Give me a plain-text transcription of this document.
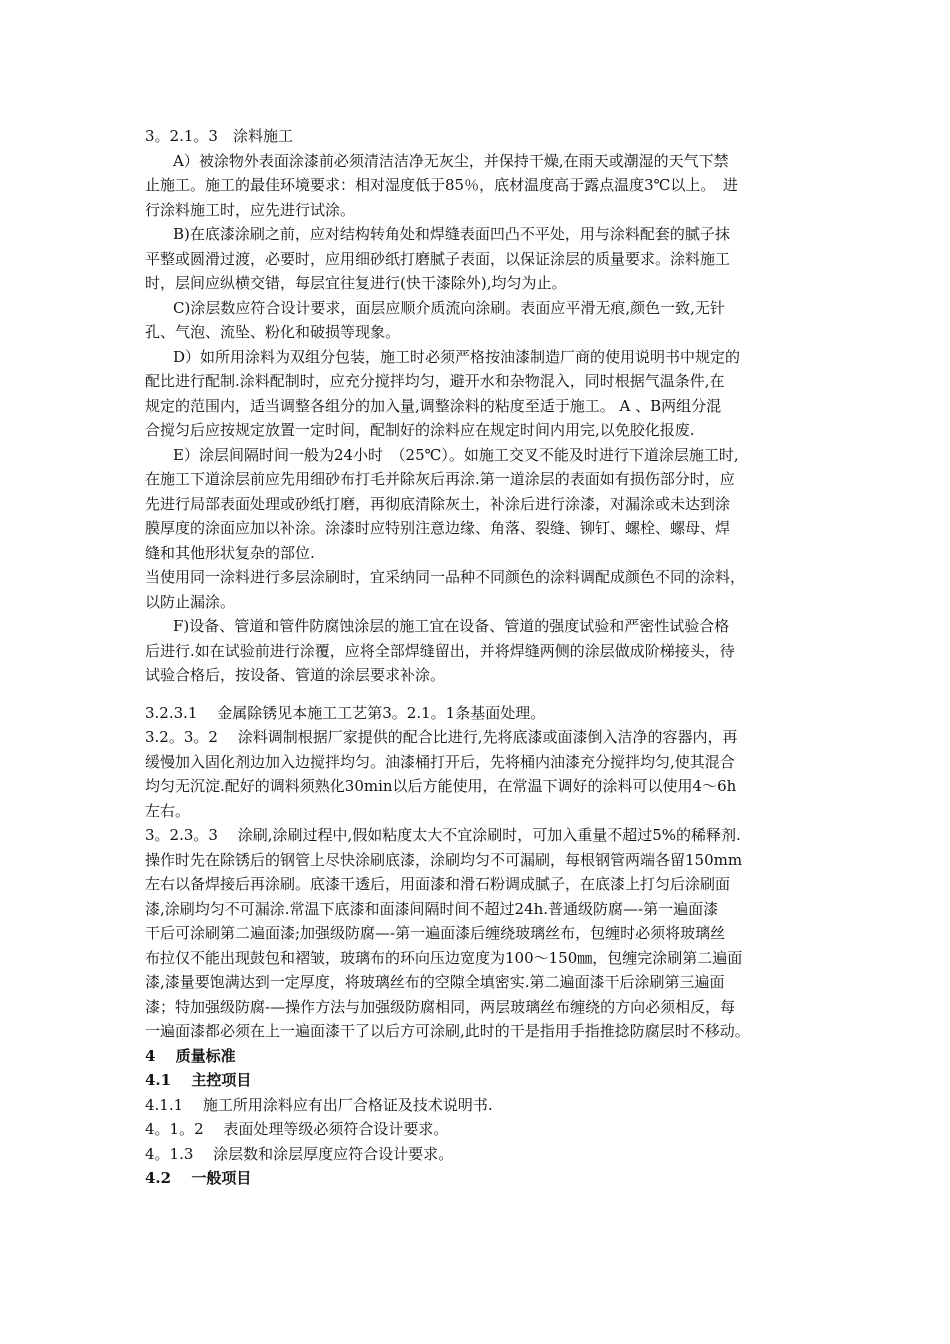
3。2.1。3　涂料施工
A）被涂物外表面涂漆前必须清洁洁净无灰尘，并保持干燥,在雨天或潮湿的天气下禁
止施工。施工的最佳环境要求：相对湿度低于85％，底材温度高于露点温度3℃以上。　进
行涂料施工时，应先进行试涂。
B)在底漆涂刷之前，应对结构转角处和焊缝表面凹凸不平处，用与涂料配套的腻子抹
平整或圆滑过渡，必要时，应用细砂纸打磨腻子表面，以保证涂层的质量要求。涂料施工
时，层间应纵横交错，每层宜往复进行(快干漆除外),均匀为止。
C)涂层数应符合设计要求，面层应顺介质流向涂刷。表面应平滑无痕,颜色一致,无针
孔、气泡、流坠、粉化和破损等现象。
D）如所用涂料为双组分包装，施工时必须严格按油漆制造厂商的使用说明书中规定的
配比进行配制.涂料配制时，应充分搅拌均匀，避开水和杂物混入，同时根据气温条件,在
规定的范围内，适当调整各组分的加入量,调整涂料的粘度至适于施工。 A 、B两组分混
合搅匀后应按规定放置一定时间，配制好的涂料应在规定时间内用完,以免胶化报废.
E）涂层间隔时间一般为24小时　（25℃）。如施工交叉不能及时进行下道涂层施工时,
在施工下道涂层前应先用细砂布打毛并除灰后再涂.第一道涂层的表面如有损伤部分时，应
先进行局部表面处理或砂纸打磨，再彻底清除灰土，补涂后进行涂漆，对漏涂或未达到涂
膜厚度的涂面应加以补涂。涂漆时应特别注意边缘、角落、裂缝、铆钉、螺栓、螺母、焊
缝和其他形状复杂的部位.
当使用同一涂料进行多层涂刷时，宜采纳同一品种不同颜色的涂料调配成颜色不同的涂料，
以防止漏涂。
F)设备、管道和管件防腐蚀涂层的施工宜在设备、管道的强度试验和严密性试验合格
后进行.如在试验前进行涂覆，应将全部焊缝留出，并将焊缝两侧的涂层做成阶梯接头，待
试验合格后，按设备、管道的涂层要求补涂。
3.2.3.1　 金属除锈见本施工工艺第3。2.1。1条基面处理。
3.2。3。2　 涂料调制根据厂家提供的配合比进行,先将底漆或面漆倒入洁净的容器内，再
缓慢加入固化剂边加入边搅拌均匀。油漆桶打开后，先将桶内油漆充分搅拌均匀,使其混合
均匀无沉淀.配好的调料须熟化30min以后方能使用，在常温下调好的涂料可以使用4～6h
左右。
3。2.3。3　 涂刷,涂刷过程中,假如粘度太大不宜涂刷时，可加入重量不超过5%的稀释剂.
操作时先在除锈后的钢管上尽快涂刷底漆，涂刷均匀不可漏刷，每根钢管两端各留150mm
左右以备焊接后再涂刷。底漆干透后，用面漆和滑石粉调成腻子，在底漆上打匀后涂刷面
漆,涂刷均匀不可漏涂.常温下底漆和面漆间隔时间不超过24h.普通级防腐—-第一遍面漆
干后可涂刷第二遍面漆;加强级防腐—-第一遍面漆后缠绕玻璃丝布，包缠时必须将玻璃丝
布拉仅不能出现鼓包和褶皱，玻璃布的环向压边宽度为100～150㎜，包缠完涂刷第二遍面
漆,漆量要饱满达到一定厚度，将玻璃丝布的空隙全填密实.第二遍面漆干后涂刷第三遍面
漆；特加强级防腐-—操作方法与加强级防腐相同，两层玻璃丝布缠绕的方向必须相反，每
一遍面漆都必须在上一遍面漆干了以后方可涂刷,此时的干是指用手指推捻防腐层时不移动。
4　 质量标准
4.1　 主控项目
4.1.1　 施工所用涂料应有出厂合格证及技术说明书.
4。1。2　 表面处理等级必须符合设计要求。
4。1.3　 涂层数和涂层厚度应符合设计要求。
4.2　 一般项目
